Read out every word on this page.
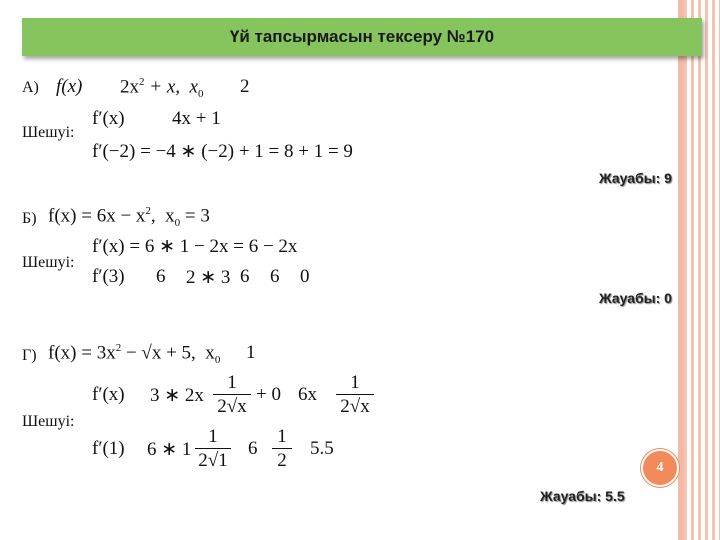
Үй тапсырмасын тексеру №170
А) f(x) $2x^2 + x$,  $x_0$ 2
Шешуі:
f′(x) 4x + 1
f′(−2) = −4 ∗ (−2) + 1 = 8 + 1 = 9
Жауабы: 9
Б) $f(x) = 6x - x^2$,  $x_0 = 3$
Шешуі:
f′(x) = 6 ∗ 1 − 2x = 6 − 2x
f′(3) 6 2 ∗ 3 6 6 0
Жауабы: 0
Г) $f(x) = 3x^2 - √x + 5$,  $x_0$ 1
f′(x) 3 ∗ $2x \frac{1}{2√x} + 0$ $6x \frac{1}{2√x}$
Шешуі:
f′(1) 6 ∗ $1 \frac{1}{2√1} 6 \frac{1}{2} 5.5$
Жауабы: 5.5
4
